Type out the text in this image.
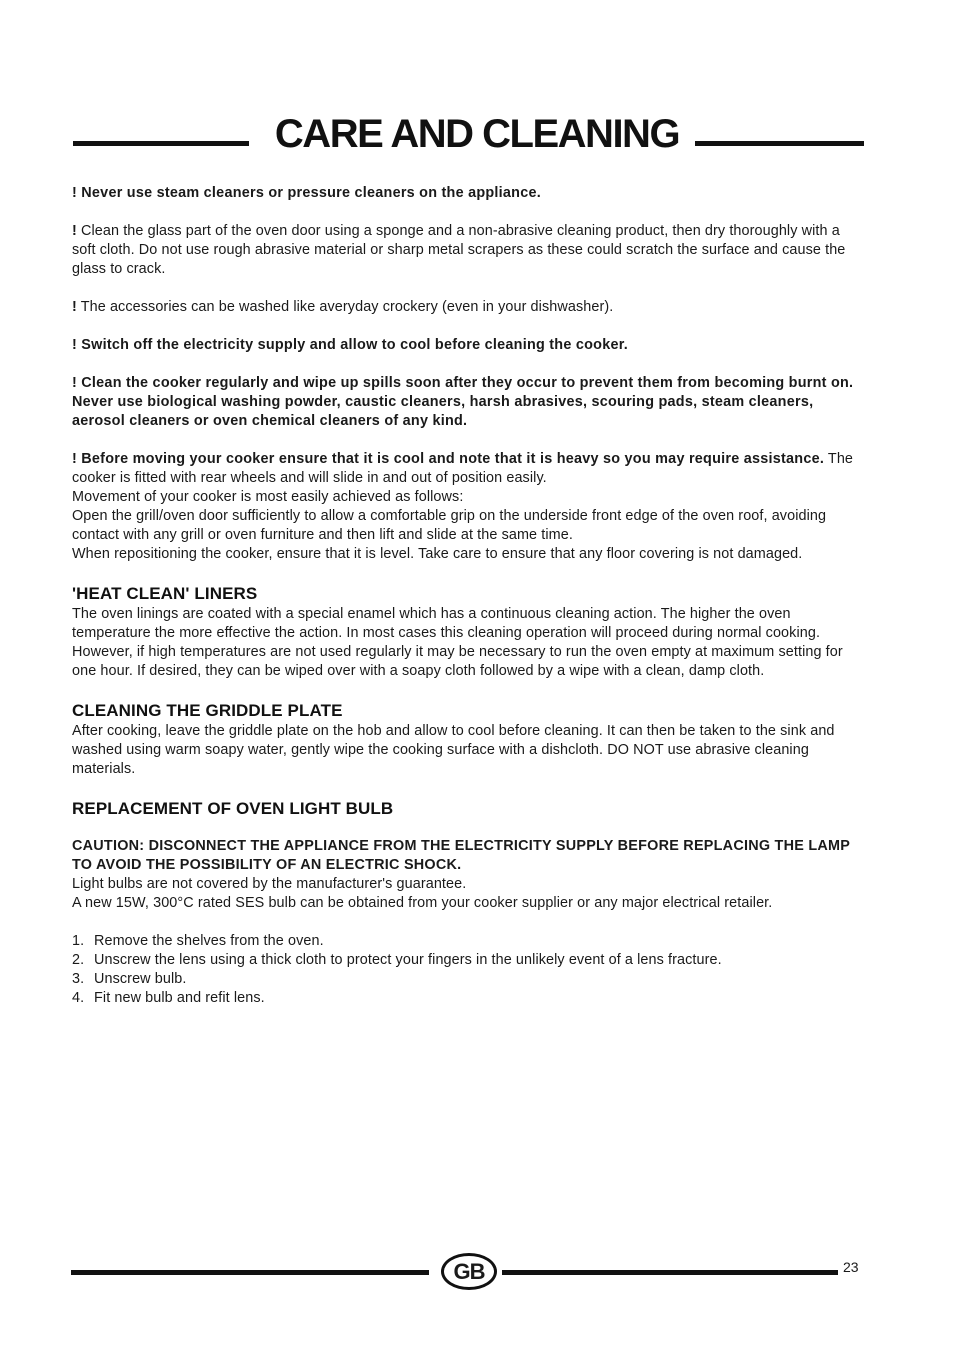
CARE AND CLEANING

! Never use steam cleaners or pressure cleaners on the appliance.

! Clean the glass part of the oven door using a sponge and a non-abrasive cleaning product, then dry thoroughly with a soft cloth. Do not use rough abrasive material or sharp metal scrapers as these could scratch the surface and cause the glass to crack.

! The accessories can be washed like averyday crockery (even in your dishwasher).

! Switch off the electricity supply and allow to cool before cleaning the cooker.

! Clean the cooker regularly and wipe up spills soon after they occur to prevent them from becoming burnt on. Never use biological washing powder, caustic cleaners, harsh abrasives, scouring pads, steam cleaners, aerosol cleaners or oven chemical cleaners of any kind.

! Before moving your cooker ensure that it is cool and note that it is heavy so you may require assistance. The cooker is fitted with rear wheels and will slide in and out of position easily.
Movement of your cooker is most easily achieved as follows:
Open the grill/oven door sufficiently to allow a comfortable grip on the underside front edge of the oven roof, avoiding contact with any grill or oven furniture and then lift and slide at the same time.
When repositioning the cooker, ensure that it is level. Take care to ensure that any floor covering is not damaged.

'HEAT CLEAN' LINERS

The oven linings are coated with a special enamel which has a continuous cleaning action. The higher the oven temperature the more effective the action. In most cases this cleaning operation will proceed during normal cooking.

However, if high temperatures are not used regularly it may be necessary to run the oven empty at maximum setting for one hour. If desired, they can be wiped over with a soapy cloth followed by a wipe with a clean, damp cloth.

CLEANING THE GRIDDLE PLATE

After cooking, leave the griddle plate on the hob and allow to cool before cleaning. It can then be taken to the sink and washed using warm soapy water, gently wipe the cooking surface with a dishcloth. DO NOT use abrasive cleaning materials.

REPLACEMENT OF OVEN LIGHT BULB

CAUTION: DISCONNECT THE APPLIANCE FROM THE ELECTRICITY SUPPLY BEFORE REPLACING THE LAMP TO AVOID THE POSSIBILITY OF AN ELECTRIC SHOCK.

Light bulbs are not covered by the manufacturer's guarantee.

A new 15W, 300°C rated SES bulb can be obtained from your cooker supplier or any major electrical retailer.

1. Remove the shelves from the oven.
2. Unscrew the lens using a thick cloth to protect your fingers in the unlikely event of a lens fracture.
3. Unscrew bulb.
4. Fit new bulb and refit lens.
GB	23
